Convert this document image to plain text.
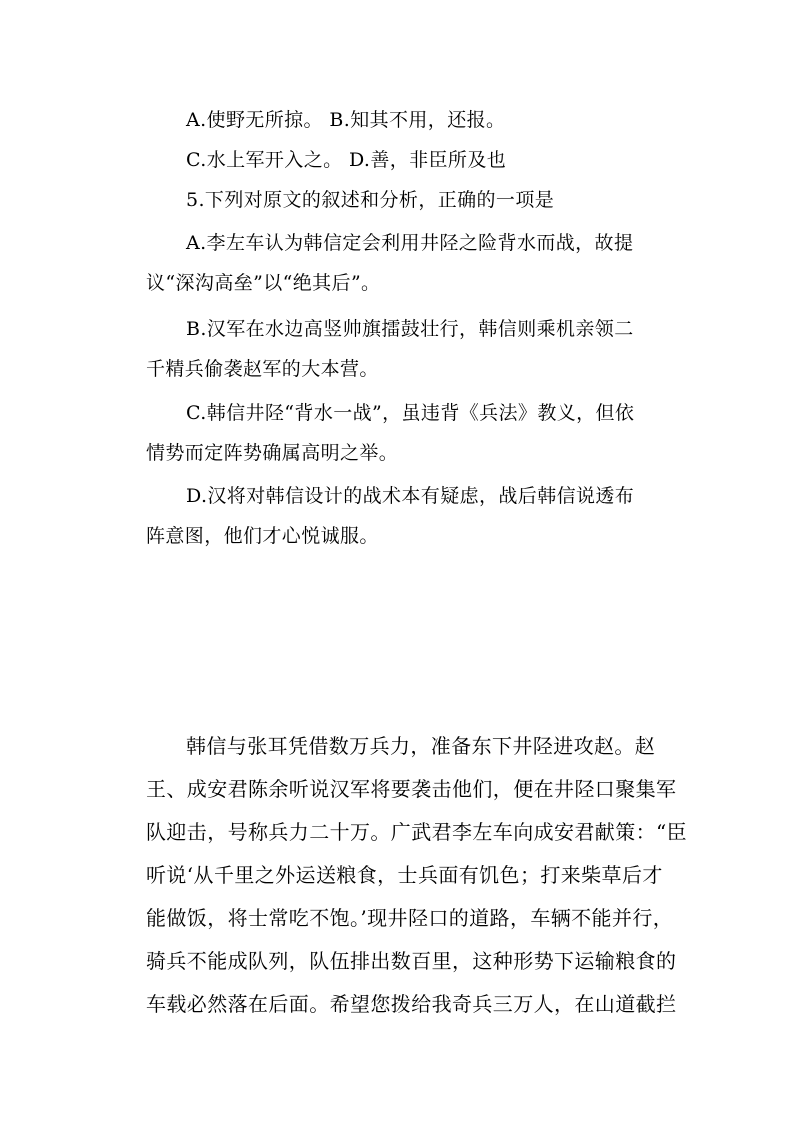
A.使野无所掠。 B.知其不用，还报。
C.水上军开入之。 D.善，非臣所及也
5.下列对原文的叙述和分析，正确的一项是
A.李左车认为韩信定会利用井陉之险背水而战，故提
议“深沟高垒”以“绝其后”。
B.汉军在水边高竖帅旗擂鼓壮行，韩信则乘机亲领二
千精兵偷袭赵军的大本营。
C.韩信井陉“背水一战”，虽违背《兵法》教义，但依
情势而定阵势确属高明之举。
D.汉将对韩信设计的战术本有疑虑，战后韩信说透布
阵意图，他们才心悦诚服。
韩信与张耳凭借数万兵力，准备东下井陉进攻赵。赵
王、成安君陈余听说汉军将要袭击他们，便在井陉口聚集军
队迎击，号称兵力二十万。广武君李左车向成安君献策：“臣
听说‘从千里之外运送粮食，士兵面有饥色；打来柴草后才
能做饭，将士常吃不饱。’现井陉口的道路，车辆不能并行，
骑兵不能成队列，队伍排出数百里，这种形势下运输粮食的
车载必然落在后面。希望您拨给我奇兵三万人，在山道截拦
